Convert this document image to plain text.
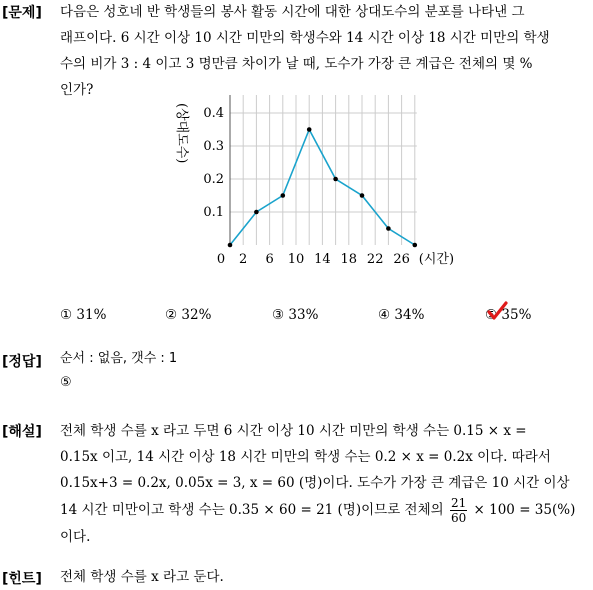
[문제] 다음은 성호네 반 학생들의 봉사 활동 시간에 대한 상대도수의 분포를 나타낸 그
래프이다. 6 시간 이상 10 시간 미만의 학생수와 14 시간 이상 18 시간 미만의 학생
수의 비가 3 : 4 이고 3 명만큼 차이가 날 때, 도수가 가장 큰 계급은 전체의 몇 %
인가?
0.1
0.2
0.3
0.4
0 2 6 10 14 18 22 26
(상대도수)
(시간)
① 31%	② 32%	③ 33%	④ 34%	⑤ 35%
[정답] 순서 : 없음, 갯수 : 1
⑤
[해설] 전체 학생 수를 x 라고 두면 6 시간 이상 10 시간 미만의 학생 수는 0.15 × x =
0.15x 이고, 14 시간 이상 18 시간 미만의 학생 수는 0.2 × x = 0.2x 이다. 따라서
0.15x+3 = 0.2x, 0.05x = 3, x = 60 (명)이다. 도수가 가장 큰 계급은 10 시간 이상
14 시간 미만이고 학생 수는 0.35 × 60 = 21 (명)이므로 전체의 $\frac{21}{60} \times 100 = 35(\%)$
이다.
[힌트] 전체 학생 수를 x 라고 둔다.
